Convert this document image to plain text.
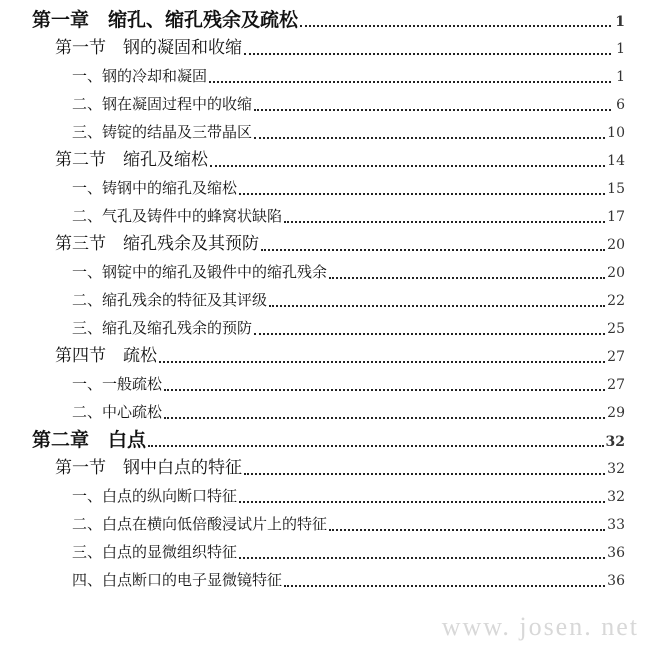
第一章　缩孔、缩孔残余及疏松	1
第一节　钢的凝固和收缩	1
一、钢的冷却和凝固	1
二、钢在凝固过程中的收缩	6
三、铸锭的结晶及三带晶区	10
第二节　缩孔及缩松	14
一、铸钢中的缩孔及缩松	15
二、气孔及铸件中的蜂窝状缺陷	17
第三节　缩孔残余及其预防	20
一、钢锭中的缩孔及锻件中的缩孔残余	20
二、缩孔残余的特征及其评级	22
三、缩孔及缩孔残余的预防	25
第四节　疏松	27
一、一般疏松	27
二、中心疏松	29
第二章　白点	32
第一节　钢中白点的特征	32
一、白点的纵向断口特征	32
二、白点在横向低倍酸浸试片上的特征	33
三、白点的显微组织特征	36
四、白点断口的电子显微镜特征	36
www. josen. net
